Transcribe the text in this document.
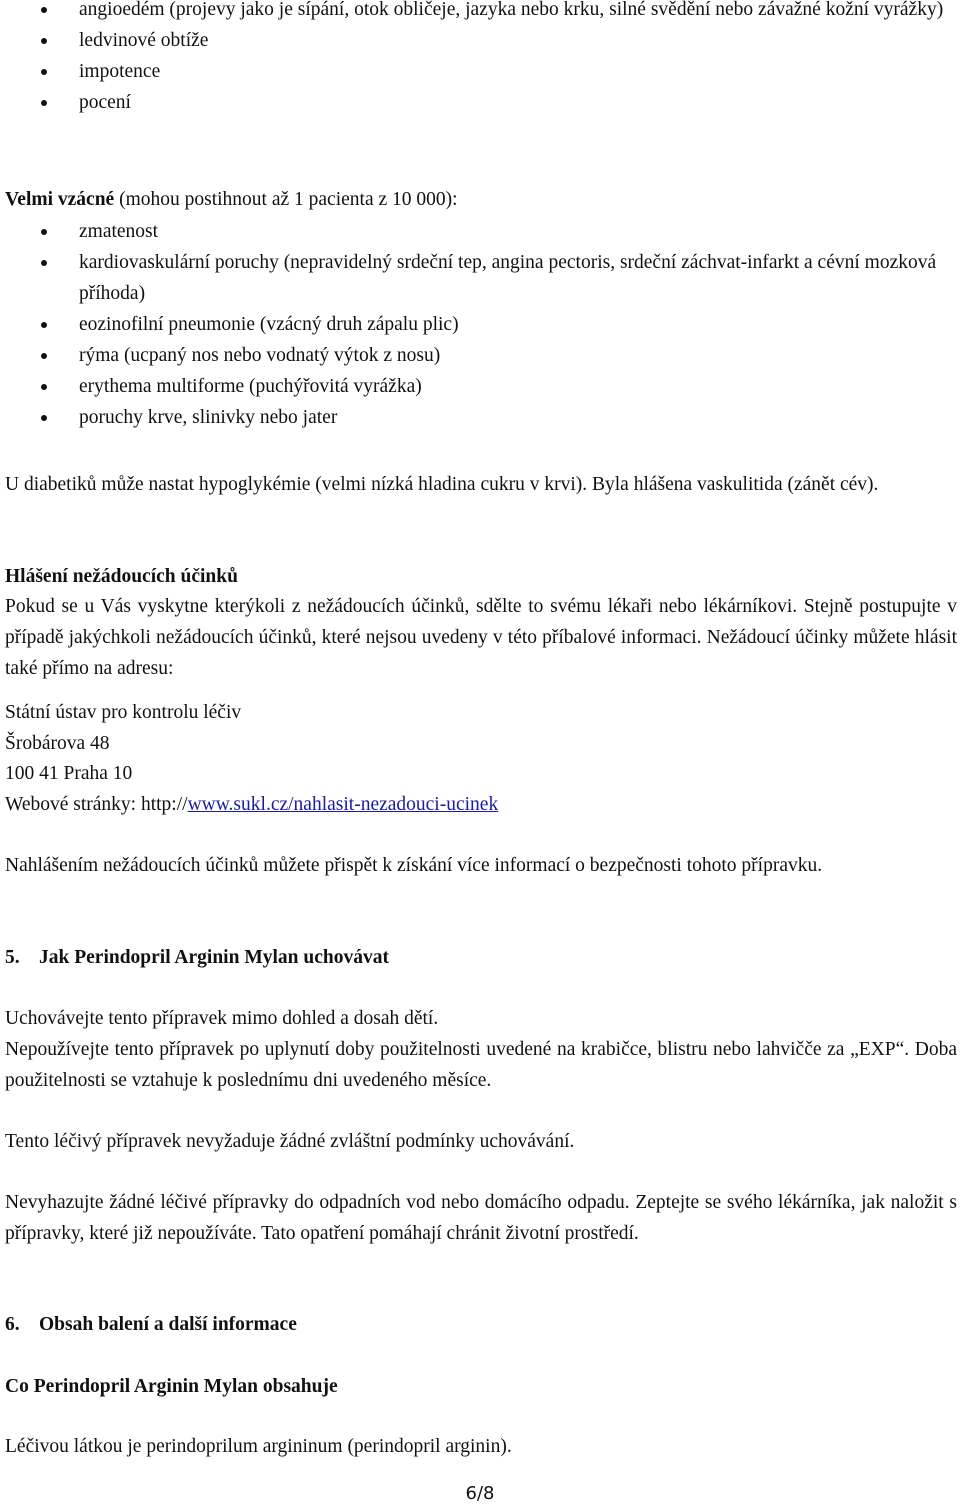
angioedém (projevy jako je sípání, otok obličeje, jazyka nebo krku, silné svědění nebo závažné kožní vyrážky)
ledvinové obtíže
impotence
pocení

Velmi vzácné (mohou postihnout až 1 pacienta z 10 000):

zmatenost
kardiovaskulární poruchy (nepravidelný srdeční tep, angina pectoris, srdeční záchvat-infarkt a cévní mozková příhoda)
eozinofilní pneumonie (vzácný druh zápalu plic)
rýma (ucpaný nos nebo vodnatý výtok z nosu)
erythema multiforme (puchýřovitá vyrážka)
poruchy krve, slinivky nebo jater

U diabetiků může nastat hypoglykémie (velmi nízká hladina cukru v krvi). Byla hlášena vaskulitida (zánět cév).

Hlášení nežádoucích účinků

Pokud se u Vás vyskytne kterýkoli z nežádoucích účinků, sdělte to svému lékaři nebo lékárníkovi. Stejně postupujte v případě jakýchkoli nežádoucích účinků, které nejsou uvedeny v této příbalové informaci. Nežádoucí účinky můžete hlásit také přímo na adresu:

Státní ústav pro kontrolu léčiv

Šrobárova 48

100 41 Praha 10

Webové stránky: http://www.sukl.cz/nahlasit-nezadouci-ucinek

Nahlášením nežádoucích účinků můžete přispět k získání více informací o bezpečnosti tohoto přípravku.

5. Jak Perindopril Arginin Mylan uchovávat

Uchovávejte tento přípravek mimo dohled a dosah dětí.

Nepoužívejte tento přípravek po uplynutí doby použitelnosti uvedené na krabičce, blistru nebo lahvičče za „EXP“. Doba použitelnosti se vztahuje k poslednímu dni uvedeného měsíce.

Tento léčivý přípravek nevyžaduje žádné zvláštní podmínky uchovávání.

Nevyhazujte žádné léčivé přípravky do odpadních vod nebo domácího odpadu. Zeptejte se svého lékárníka, jak naložit s přípravky, které již nepoužíváte. Tato opatření pomáhají chránit životní prostředí.

6. Obsah balení a další informace

Co Perindopril Arginin Mylan obsahuje

Léčivou látkou je perindoprilum argininum (perindopril arginin).

6/8
